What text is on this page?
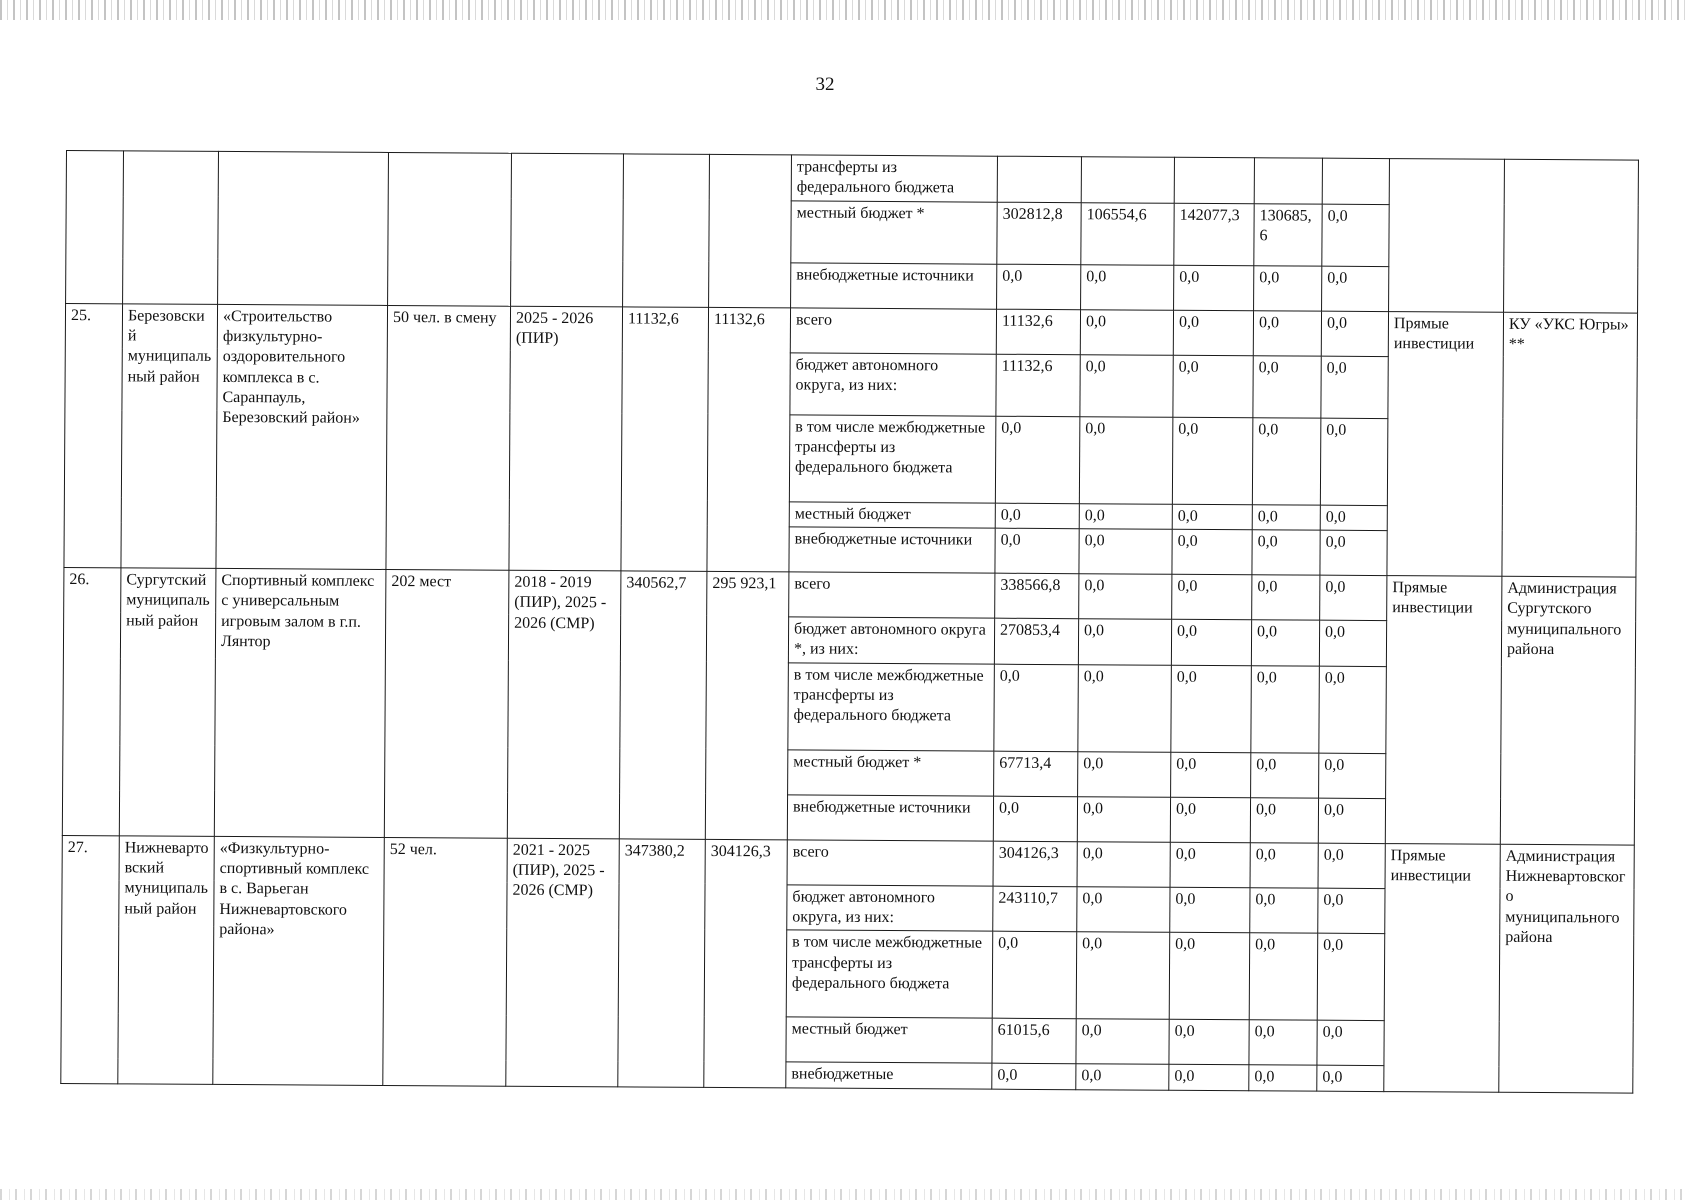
32
							трансферты из федерального бюджета							
							местный бюджет *	302812,8	106554,6	142077,3	130685,6	0,0		
							внебюджетные источники	0,0	0,0	0,0	0,0	0,0		
25.	Березовский муниципальный район	«Строительство физкультурно-оздоровительного комплекса в с. Саранпауль, Березовский район»	50 чел. в смену	2025 - 2026 (ПИР)	11132,6	11132,6	всего	11132,6	0,0	0,0	0,0	0,0	Прямые инвестиции	КУ «УКС Югры» **
							бюджет автономного округа, из них:	11132,6	0,0	0,0	0,0	0,0		
							в том числе межбюджетные трансферты из федерального бюджета	0,0	0,0	0,0	0,0	0,0		
							местный бюджет	0,0	0,0	0,0	0,0	0,0		
							внебюджетные источники	0,0	0,0	0,0	0,0	0,0		
26.	Сургутский муниципальный район	Спортивный комплекс с универсальным игровым залом в г.п. Лянтор	202 мест	2018 - 2019 (ПИР), 2025 - 2026 (СМР)	340562,7	295 923,1	всего	338566,8	0,0	0,0	0,0	0,0	Прямые инвестиции	Администрация Сургутского муниципального района
							бюджет автономного округа *, из них:	270853,4	0,0	0,0	0,0	0,0		
							в том числе межбюджетные трансферты из федерального бюджета	0,0	0,0	0,0	0,0	0,0		
							местный бюджет *	67713,4	0,0	0,0	0,0	0,0		
							внебюджетные источники	0,0	0,0	0,0	0,0	0,0		
27.	Нижневартовский муниципальный район	«Физкультурно-спортивный комплекс в с. Варьеган Нижневартовского района»	52 чел.	2021 - 2025 (ПИР), 2025 - 2026 (СМР)	347380,2	304126,3	всего	304126,3	0,0	0,0	0,0	0,0	Прямые инвестиции	Администрация Нижневартовского муниципального района
							бюджет автономного округа, из них:	243110,7	0,0	0,0	0,0	0,0		
							в том числе межбюджетные трансферты из федерального бюджета	0,0	0,0	0,0	0,0	0,0		
							местный бюджет	61015,6	0,0	0,0	0,0	0,0		
							внебюджетные	0,0	0,0	0,0	0,0	0,0		
